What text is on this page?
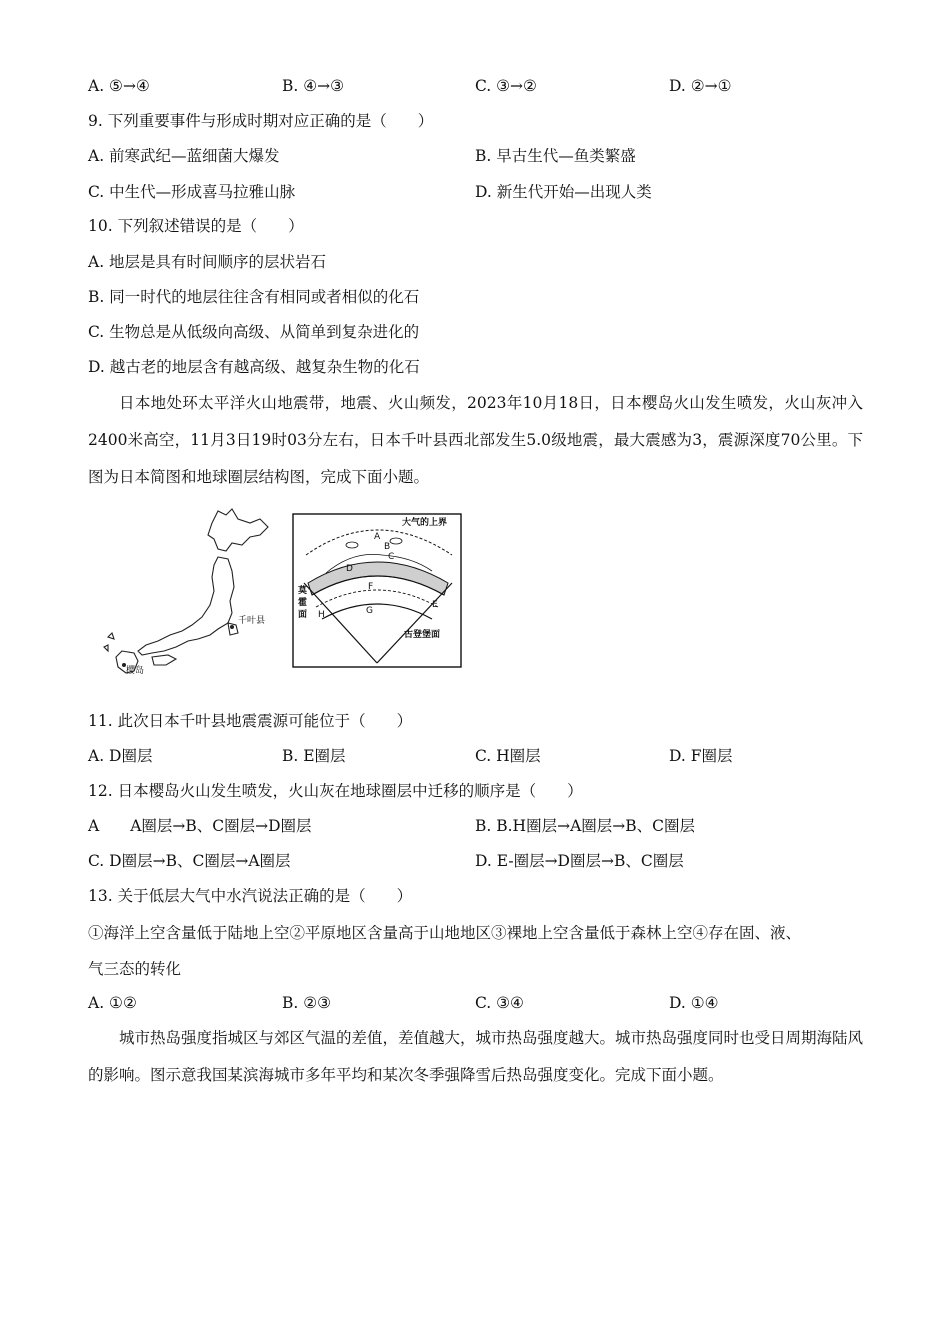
A. ⑤→④	B. ④→③	C. ③→②	D. ②→①
9. 下列重要事件与形成时期对应正确的是（　　）
A. 前寒武纪—蓝细菌大爆发	B. 早古生代—鱼类繁盛
C. 中生代—形成喜马拉雅山脉	D. 新生代开始—出现人类
10. 下列叙述错误的是（　　）
A. 地层是具有时间顺序的层状岩石
B. 同一时代的地层往往含有相同或者相似的化石
C. 生物总是从低级向高级、从简单到复杂进化的
D. 越古老的地层含有越高级、越复杂生物的化石

日本地处环太平洋火山地震带，地震、火山频发，2023年10月18日，日本樱岛火山发生喷发，火山灰冲入2400米高空，11月3日19时03分左右，日本千叶县西北部发生5.0级地震，最大震感为3，震源深度70公里。下图为日本简图和地球圈层结构图，完成下面小题。

千叶县
樱岛
大气的上界
A
B
C
D
E
F
G
H
莫 霍 面
古登堡面
11. 此次日本千叶县地震震源可能位于（　　）
A. D圈层	B. E圈层	C. H圈层	D. F圈层
12. 日本樱岛火山发生喷发，火山灰在地球圈层中迁移的顺序是（　　）
A　　A圈层→B、C圈层→D圈层	B. B.H圈层→A圈层→B、C圈层
C. D圈层→B、C圈层→A圈层	D. E-圈层→D圈层→B、C圈层
13. 关于低层大气中水汽说法正确的是（　　）
①海洋上空含量低于陆地上空②平原地区含量高于山地地区③裸地上空含量低于森林上空④存在固、液、
气三态的转化
A. ①②	B. ②③	C. ③④	D. ①④

城市热岛强度指城区与郊区气温的差值，差值越大，城市热岛强度越大。城市热岛强度同时也受日周期海陆风的影响。图示意我国某滨海城市多年平均和某次冬季强降雪后热岛强度变化。完成下面小题。
